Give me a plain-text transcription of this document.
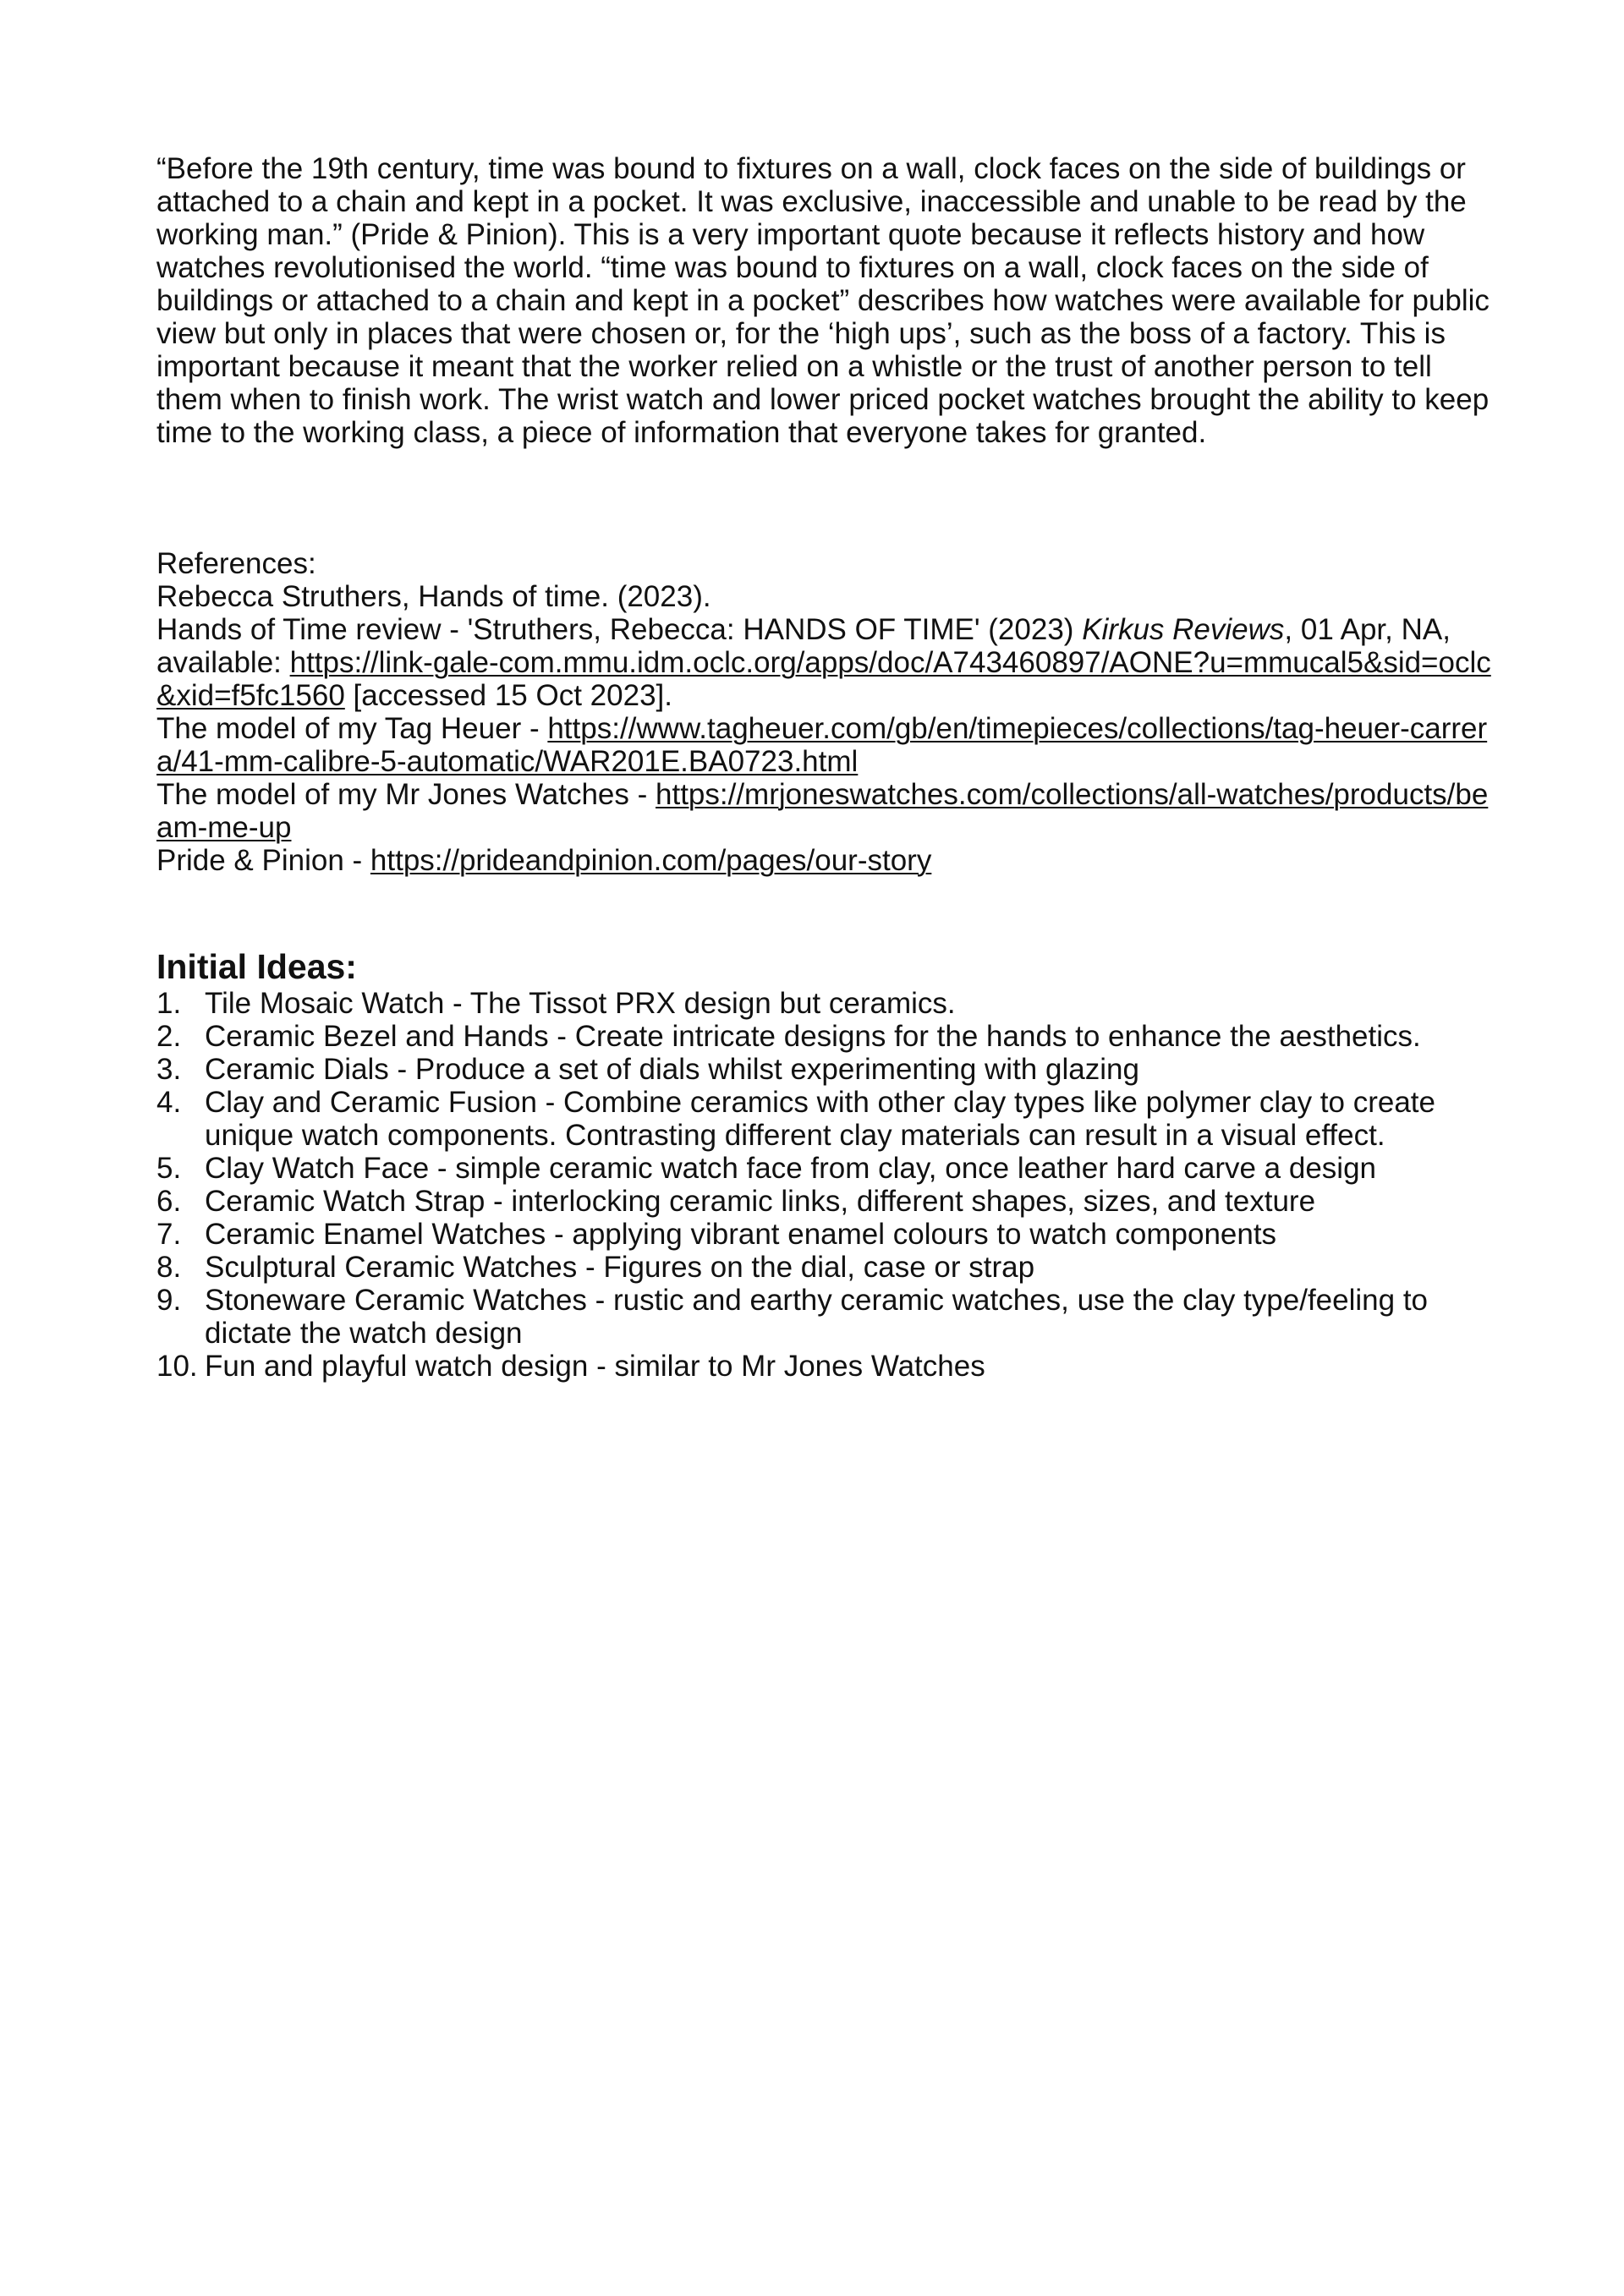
“Before the 19th century, time was bound to fixtures on a wall, clock faces on the side of buildings or attached to a chain and kept in a pocket. It was exclusive, inaccessible and unable to be read by the working man.” (Pride & Pinion). This is a very important quote because it reflects history and how watches revolutionised the world. “time was bound to fixtures on a wall, clock faces on the side of buildings or attached to a chain and kept in a pocket” describes how watches were available for public view but only in places that were chosen or, for the ‘high ups’, such as the boss of a factory. This is important because it meant that the worker relied on a whistle or the trust of another person to tell them when to finish work. The wrist watch and lower priced pocket watches brought the ability to keep time to the working class, a piece of information that everyone takes for granted.

References:
Rebecca Struthers, Hands of time. (2023).
Hands of Time review - 'Struthers, Rebecca: HANDS OF TIME' (2023) Kirkus Reviews, 01 Apr, NA, available: https://link-gale-com.mmu.idm.oclc.org/apps/doc/A743460897/AONE?u=mmucal5&sid=oclc&xid=f5fc1560 [accessed 15 Oct 2023].
The model of my Tag Heuer - https://www.tagheuer.com/gb/en/timepieces/collections/tag-heuer-carrera/41-mm-calibre-5-automatic/WAR201E.BA0723.html
The model of my Mr Jones Watches - https://mrjoneswatches.com/collections/all-watches/products/beam-me-up
Pride & Pinion - https://prideandpinion.com/pages/our-story
Initial Ideas:
1. Tile Mosaic Watch - The Tissot PRX design but ceramics.
2. Ceramic Bezel and Hands - Create intricate designs for the hands to enhance the aesthetics.
3. Ceramic Dials - Produce a set of dials whilst experimenting with glazing
4. Clay and Ceramic Fusion - Combine ceramics with other clay types like polymer clay to create unique watch components. Contrasting different clay materials can result in a visual effect.
5. Clay Watch Face - simple ceramic watch face from clay, once leather hard carve a design
6. Ceramic Watch Strap - interlocking ceramic links, different shapes, sizes, and texture
7. Ceramic Enamel Watches - applying vibrant enamel colours to watch components
8. Sculptural Ceramic Watches - Figures on the dial, case or strap
9. Stoneware Ceramic Watches - rustic and earthy ceramic watches, use the clay type/feeling to dictate the watch design
10. Fun and playful watch design - similar to Mr Jones Watches
